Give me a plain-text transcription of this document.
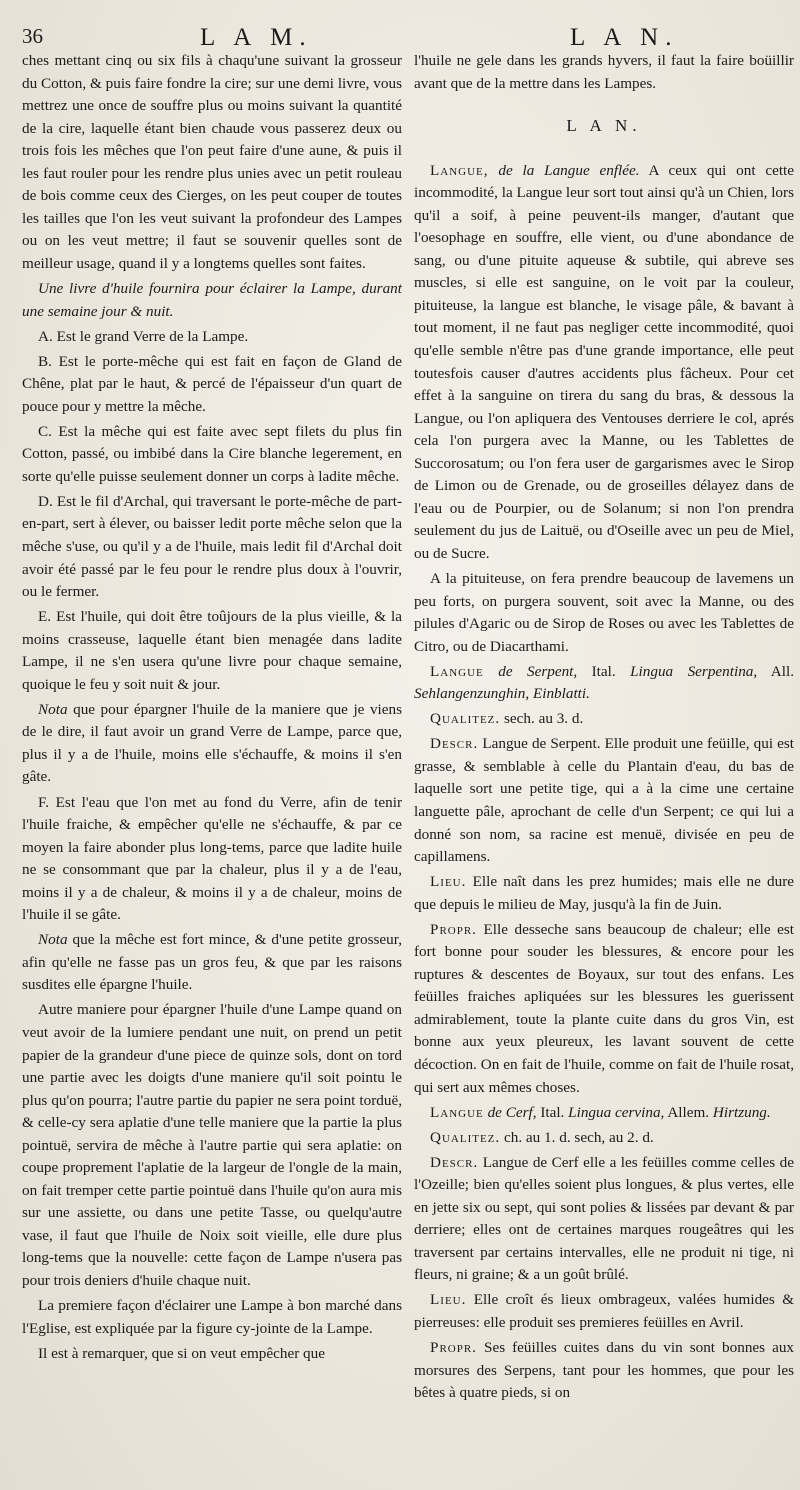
36	L A M.	L A N.

ches mettant cinq ou six fils à chaqu'une suivant la grosseur du Cotton, & puis faire fondre la cire; sur une demi livre, vous mettrez une once de souffre plus ou moins suivant la quantité de la cire, laquelle étant bien chaude vous passerez deux ou trois fois les mêches que l'on peut faire d'une aune, & puis il les faut rouler pour les rendre plus unies avec un petit rouleau de bois comme ceux des Cierges, on les peut couper de toutes les tailles que l'on les veut suivant la profondeur des Lampes ou on les veut mettre; il faut se souvenir quelles sont de meilleur usage, quand il y a longtems quelles sont faites.

Une livre d'huile fournira pour éclairer la Lampe, durant une semaine jour & nuit.

A. Est le grand Verre de la Lampe.

B. Est le porte-mêche qui est fait en façon de Gland de Chêne, plat par le haut, & percé de l'épaisseur d'un quart de pouce pour y mettre la mêche.

C. Est la mêche qui est faite avec sept filets du plus fin Cotton, passé, ou imbibé dans la Cire blanche legerement, en sorte qu'elle puisse seulement donner un corps à ladite mêche.

D. Est le fil d'Archal, qui traversant le porte-mêche de part-en-part, sert à élever, ou baisser ledit porte mêche selon que la mêche s'use, ou qu'il y a de l'huile, mais ledit fil d'Archal doit avoir été passé par le feu pour le rendre plus doux à l'ouvrir, ou le fermer.

E. Est l'huile, qui doit être toûjours de la plus vieille, & la moins crasseuse, laquelle étant bien menagée dans ladite Lampe, il ne s'en usera qu'une livre pour chaque semaine, quoique le feu y soit nuit & jour.

Nota que pour épargner l'huile de la maniere que je viens de le dire, il faut avoir un grand Verre de Lampe, parce que, plus il y a de l'huile, moins elle s'échauffe, & moins il s'en gâte.

F. Est l'eau que l'on met au fond du Verre, afin de tenir l'huile fraiche, & empêcher qu'elle ne s'échauffe, & par ce moyen la faire abonder plus long-tems, parce que ladite huile ne se consommant que par la chaleur, plus il y a de l'eau, moins il y a de chaleur, & moins il y a de chaleur, moins de l'huile il se gâte.

Nota que la mêche est fort mince, & d'une petite grosseur, afin qu'elle ne fasse pas un gros feu, & que par les raisons susdites elle épargne l'huile.

Autre maniere pour épargner l'huile d'une Lampe quand on veut avoir de la lumiere pendant une nuit, on prend un petit papier de la grandeur d'une piece de quinze sols, dont on tord une partie avec les doigts d'une maniere qu'il soit pointu le plus qu'on pourra; l'autre partie du papier ne sera point torduë, & celle-cy sera aplatie d'une telle maniere que la partie la plus pointuë, servira de mêche à l'autre partie qui sera aplatie: on coupe proprement l'aplatie de la largeur de l'ongle de la main, on fait tremper cette partie pointuë dans l'huile qu'on aura mis sur une assiette, ou dans une petite Tasse, ou quelqu'autre vase, il faut que l'huile de Noix soit vieille, elle dure plus long-tems que la nouvelle: cette façon de Lampe n'usera pas pour trois deniers d'huile chaque nuit.

La premiere façon d'éclairer une Lampe à bon marché dans l'Eglise, est expliquée par la figure cy-jointe de la Lampe.

Il est à remarquer, que si on veut empêcher que

l'huile ne gele dans les grands hyvers, il faut la faire boüillir avant que de la mettre dans les Lampes.

L A N.

Langue, de la Langue enflée. A ceux qui ont cette incommodité, la Langue leur sort tout ainsi qu'à un Chien, lors qu'il a soif, à peine peuvent-ils manger, d'autant que l'oesophage en souffre, elle vient, ou d'une abondance de sang, ou d'une pituite aqueuse & subtile, qui abreve ses muscles, si elle est sanguine, on le voit par la couleur, pituiteuse, la langue est blanche, le visage pâle, & bavant à tout moment, il ne faut pas negliger cette incommodité, quoi qu'elle semble n'être pas d'une grande importance, elle peut toutesfois causer d'autres accidents plus fâcheux. Pour cet effet à la sanguine on tirera du sang du bras, & dessous la Langue, ou l'on apliquera des Ventouses derriere le col, aprés cela l'on purgera avec la Manne, ou les Tablettes de Succorosatum; ou l'on fera user de gargarismes avec le Sirop de Limon ou de Grenade, ou de groseilles délayez dans de l'eau ou de Pourpier, ou de Solanum; si non l'on prendra seulement du jus de Laituë, ou d'Oseille avec un peu de Miel, ou de Sucre.

A la pituiteuse, on fera prendre beaucoup de lavemens un peu forts, on purgera souvent, soit avec la Manne, ou des pilules d'Agaric ou de Sirop de Roses ou avec les Tablettes de Citro, ou de Diacarthami.

Langue de Serpent, Ital. Lingua Serpentina, All. Sehlangenzunghin, Einblatti.

Qualitez. sech. au 3. d.

Descr. Langue de Serpent. Elle produit une feüille, qui est grasse, & semblable à celle du Plantain d'eau, du bas de laquelle sort une petite tige, qui a à la cime une certaine languette pâle, aprochant de celle d'un Serpent; ce qui lui a donné son nom, sa racine est menuë, divisée en peu de capillamens.

Lieu. Elle naît dans les prez humides; mais elle ne dure que depuis le milieu de May, jusqu'à la fin de Juin.

Propr. Elle desseche sans beaucoup de chaleur; elle est fort bonne pour souder les blessures, & encore pour les ruptures & descentes de Boyaux, sur tout des enfans. Les feüilles fraiches apliquées sur les blessures les guerissent admirablement, toute la plante cuite dans du gros Vin, est bonne aux yeux pleureux, les lavant souvent de cette décoction. On en fait de l'huile, comme on fait de l'huile rosat, qui sert aux mêmes choses.

Langue de Cerf, Ital. Lingua cervina, Allem. Hirtzung.

Qualitez. ch. au 1. d. sech, au 2. d.

Descr. Langue de Cerf elle a les feüilles comme celles de l'Ozeille; bien qu'elles soient plus longues, & plus vertes, elle en jette six ou sept, qui sont polies & lissées par devant & par derriere; elles ont de certaines marques rougeâtres qui les traversent par certains intervalles, elle ne produit ni tige, ni fleurs, ni graine; & a un goût brûlé.

Lieu. Elle croît és lieux ombrageux, valées humides & pierreuses: elle produit ses premieres feüilles en Avril.

Propr. Ses feüilles cuites dans du vin sont bonnes aux morsures des Serpens, tant pour les hommes, que pour les bêtes à quatre pieds, si on
